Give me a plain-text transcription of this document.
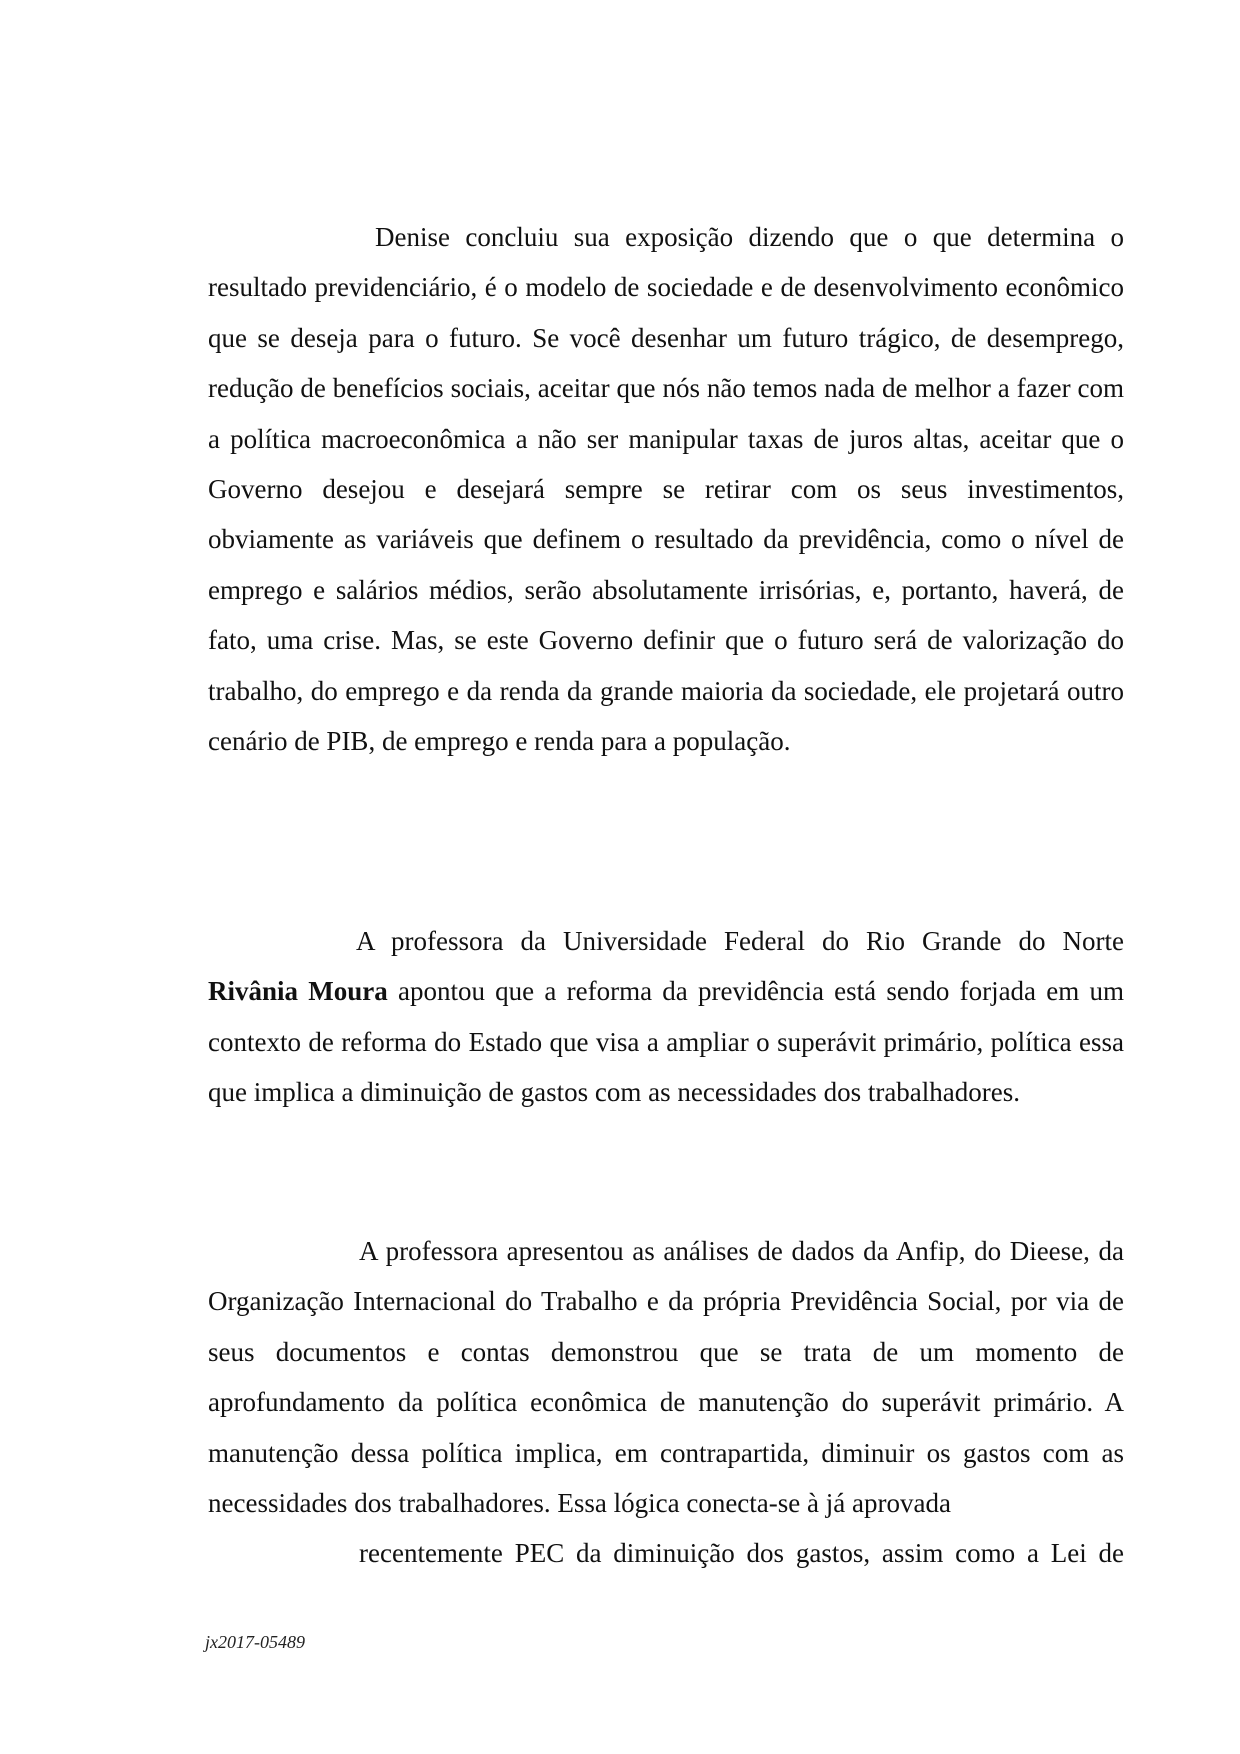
Denise concluiu sua exposição dizendo que o que determina o resultado previdenciário, é o modelo de sociedade e de desenvolvimento econômico que se deseja para o futuro. Se você desenhar um futuro trágico, de desemprego, redução de benefícios sociais, aceitar que nós não temos nada de melhor a fazer com a política macroeconômica a não ser manipular taxas de juros altas, aceitar que o Governo desejou e desejará sempre se retirar com os seus investimentos, obviamente as variáveis que definem o resultado da previdência, como o nível de emprego e salários médios, serão absolutamente irrisórias, e, portanto, haverá, de fato, uma crise. Mas, se este Governo definir que o futuro será de valorização do trabalho, do emprego e da renda da grande maioria da sociedade, ele projetará outro cenário de PIB, de emprego e renda para a população.

A professora da Universidade Federal do Rio Grande do Norte Rivânia Moura apontou que a reforma da previdência está sendo forjada em um contexto de reforma do Estado que visa a ampliar o superávit primário, política essa que implica a diminuição de gastos com as necessidades dos trabalhadores.

A professora apresentou as análises de dados da Anfip, do Dieese, da Organização Internacional do Trabalho e da própria Previdência Social, por via de seus documentos e contas demonstrou que se trata de um momento de aprofundamento da política econômica de manutenção do superávit primário. A manutenção dessa política implica, em contrapartida, diminuir os gastos com as necessidades dos trabalhadores. Essa lógica conecta-se à já aprovada
recentemente PEC da diminuição dos gastos, assim como a Lei de

jx2017-05489
